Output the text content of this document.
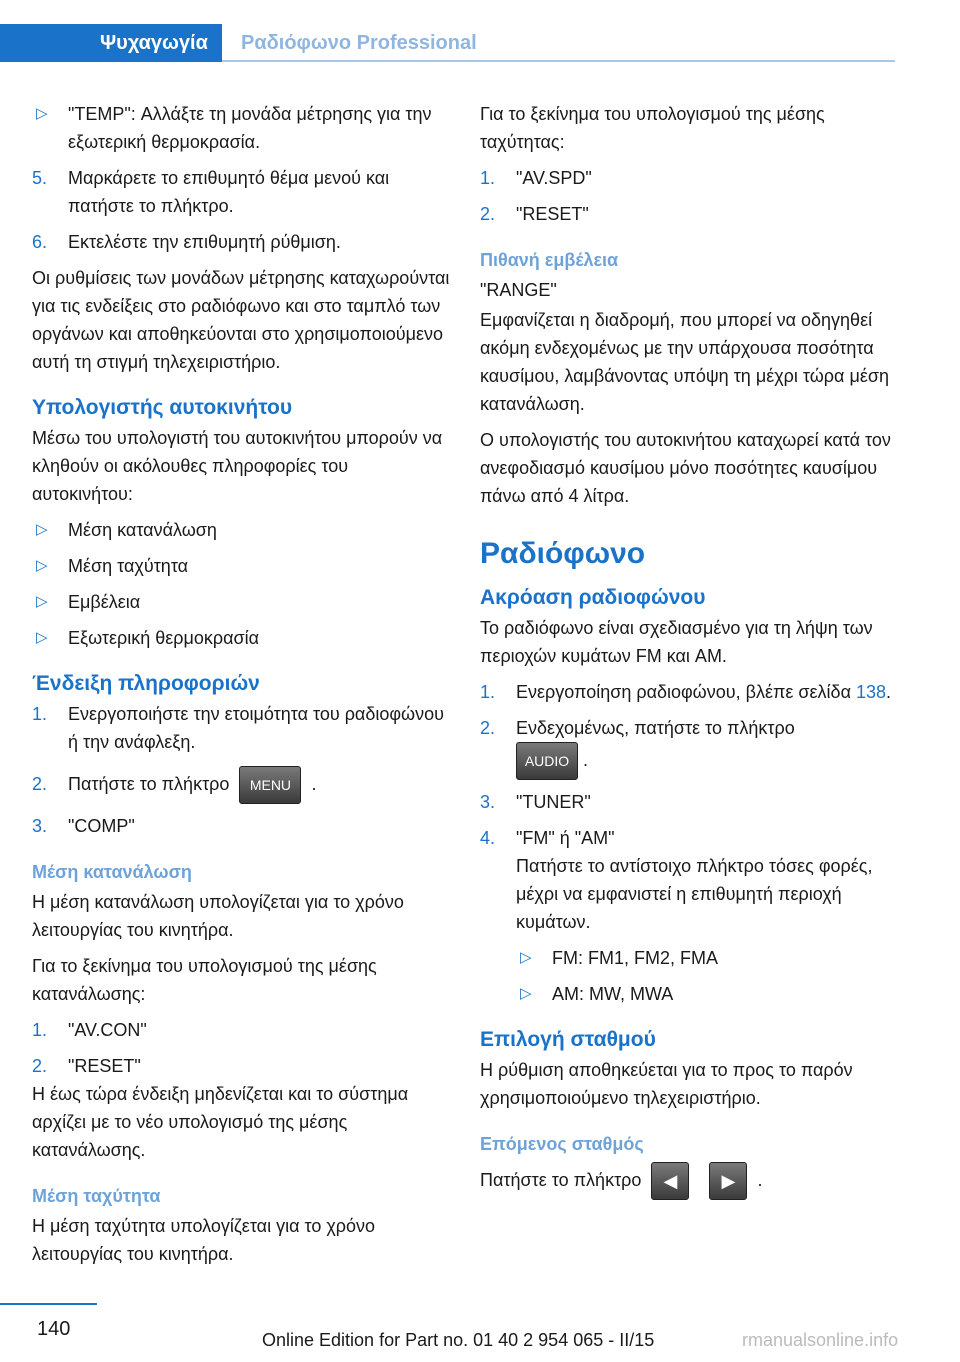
Ψυχαγωγία	Ραδιόφωνο Professional
▷ "TEMP": Αλλάξτε τη μονάδα μέτρησης για την εξωτερική θερμοκρασία.
5. Μαρκάρετε το επιθυμητό θέμα μενού και πατήστε το πλήκτρο.
6. Εκτελέστε την επιθυμητή ρύθμιση.

Οι ρυθμίσεις των μονάδων μέτρησης καταχωρούνται για τις ενδείξεις στο ραδιόφωνο και στο ταμπλό των οργάνων και αποθηκεύονται στο χρησιμοποιούμενο αυτή τη στιγμή τηλεχειριστήριο.

Υπολογιστής αυτοκινήτου

Μέσω του υπολογιστή του αυτοκινήτου μπορούν να κληθούν οι ακόλουθες πληροφορίες του αυτοκινήτου:

▷ Μέση κατανάλωση
▷ Μέση ταχύτητα
▷ Εμβέλεια
▷ Εξωτερική θερμοκρασία
Ένδειξη πληροφοριών
1. Ενεργοποιήστε την ετοιμότητα του ραδιοφώνου ή την ανάφλεξη.
2. Πατήστε το πλήκτρο MENU .
3. "COMP"
Μέση κατανάλωση

Η μέση κατανάλωση υπολογίζεται για το χρόνο λειτουργίας του κινητήρα.

Για το ξεκίνημα του υπολογισμού της μέσης κατανάλωσης:

1. "AV.CON"
2. "RESET"

Η έως τώρα ένδειξη μηδενίζεται και το σύστημα αρχίζει με το νέο υπολογισμό της μέσης κατανάλωσης.

Μέση ταχύτητα

Η μέση ταχύτητα υπολογίζεται για το χρόνο λειτουργίας του κινητήρα.

Για το ξεκίνημα του υπολογισμού της μέσης ταχύτητας:

1. "AV.SPD"
2. "RESET"
Πιθανή εμβέλεια

"RANGE"

Εμφανίζεται η διαδρομή, που μπορεί να οδηγηθεί ακόμη ενδεχομένως με την υπάρχουσα ποσότητα καυσίμου, λαμβάνοντας υπόψη τη μέχρι τώρα μέση κατανάλωση.

Ο υπολογιστής του αυτοκινήτου καταχωρεί κατά τον ανεφοδιασμό καυσίμου μόνο ποσότητες καυσίμου πάνω από 4 λίτρα.

Ραδιόφωνο
Ακρόαση ραδιοφώνου

Το ραδιόφωνο είναι σχεδιασμένο για τη λήψη των περιοχών κυμάτων FM και AM.

1. Ενεργοποίηση ραδιοφώνου, βλέπε σελίδα 138.
2. Ενδεχομένως, πατήστε το πλήκτρο
AUDIO .
3. "TUNER"
4. "FM" ή "AM"
Πατήστε το αντίστοιχο πλήκτρο τόσες φορές, μέχρι να εμφανιστεί η επιθυμητή περιοχή κυμάτων.
▷ FM: FM1, FM2, FMA
▷ AM: MW, MWA
Επιλογή σταθμού

Η ρύθμιση αποθηκεύεται για το προς το παρόν χρησιμοποιούμενο τηλεχειριστήριο.

Επόμενος σταθμός

Πατήστε το πλήκτρο ◀ ▶ .

140	Online Edition for Part no. 01 40 2 954 065 - II/15	rmanualsonline.info
